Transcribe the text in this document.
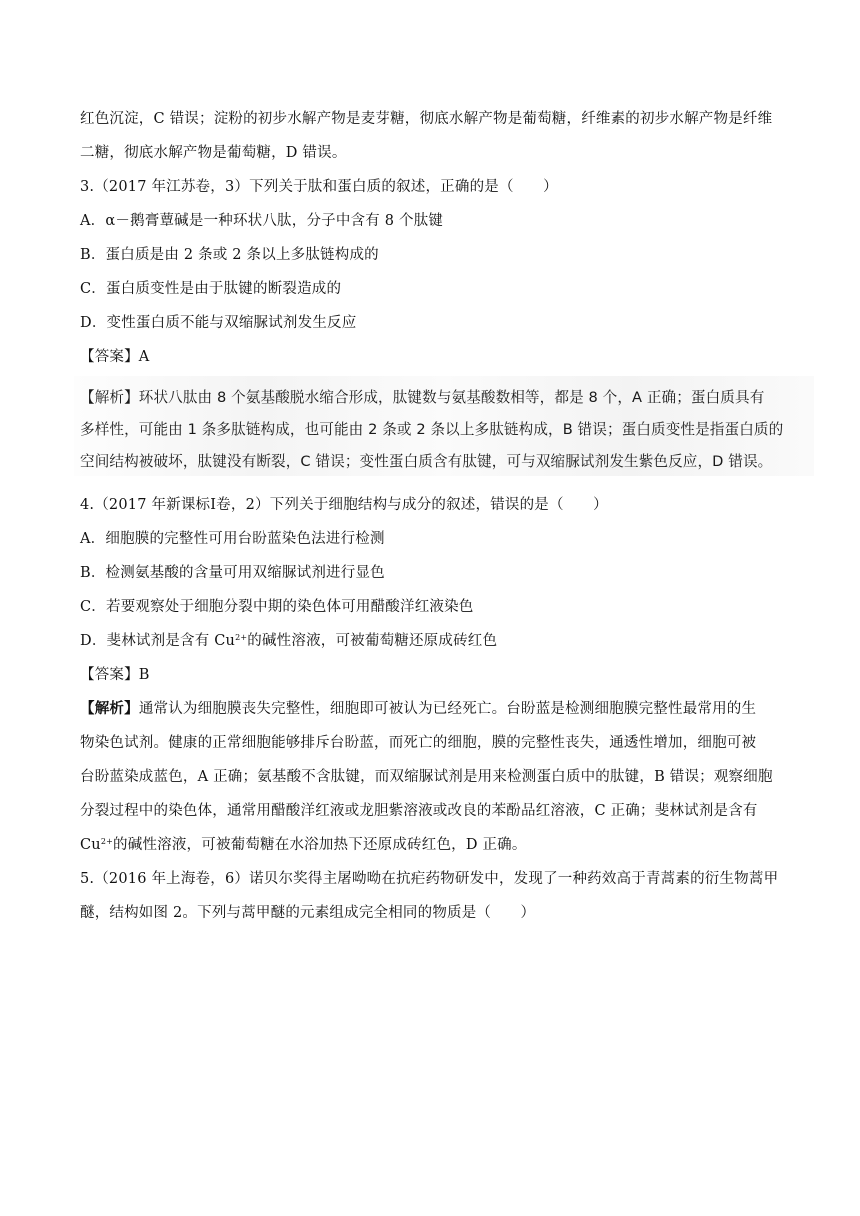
红色沉淀，C 错误；淀粉的初步水解产物是麦芽糖，彻底水解产物是葡萄糖，纤维素的初步水解产物是纤维
二糖，彻底水解产物是葡萄糖，D 错误。
3.（2017 年江苏卷，3）下列关于肽和蛋白质的叙述，正确的是（　　）
A．α－鹅膏蕈碱是一种环状八肽，分子中含有 8 个肽键
B．蛋白质是由 2 条或 2 条以上多肽链构成的
C．蛋白质变性是由于肽键的断裂造成的
D．变性蛋白质不能与双缩脲试剂发生反应
【答案】A
【解析】环状八肽由 8 个氨基酸脱水缩合形成，肽键数与氨基酸数相等，都是 8 个，A 正确；蛋白质具有
多样性，可能由 1 条多肽链构成，也可能由 2 条或 2 条以上多肽链构成，B 错误；蛋白质变性是指蛋白质的
空间结构被破坏，肽键没有断裂，C 错误；变性蛋白质含有肽键，可与双缩脲试剂发生紫色反应，D 错误。
4.（2017 年新课标Ⅰ卷，2）下列关于细胞结构与成分的叙述，错误的是（　　）
A．细胞膜的完整性可用台盼蓝染色法进行检测
B．检测氨基酸的含量可用双缩脲试剂进行显色
C．若要观察处于细胞分裂中期的染色体可用醋酸洋红液染色
D．斐林试剂是含有 $Cu^{2+}$的碱性溶液，可被葡萄糖还原成砖红色
【答案】B
【解析】通常认为细胞膜丧失完整性，细胞即可被认为已经死亡。台盼蓝是检测细胞膜完整性最常用的生
物染色试剂。健康的正常细胞能够排斥台盼蓝，而死亡的细胞，膜的完整性丧失，通透性增加，细胞可被
台盼蓝染成蓝色，A 正确；氨基酸不含肽键，而双缩脲试剂是用来检测蛋白质中的肽键，B 错误；观察细胞
分裂过程中的染色体，通常用醋酸洋红液或龙胆紫溶液或改良的苯酚品红溶液，C 正确；斐林试剂是含有
$Cu^{2+}$的碱性溶液，可被葡萄糖在水浴加热下还原成砖红色，D 正确。
5.（2016 年上海卷，6）诺贝尔奖得主屠呦呦在抗疟药物研发中，发现了一种药效高于青蒿素的衍生物蒿甲
醚，结构如图 2。下列与蒿甲醚的元素组成完全相同的物质是（　　）
